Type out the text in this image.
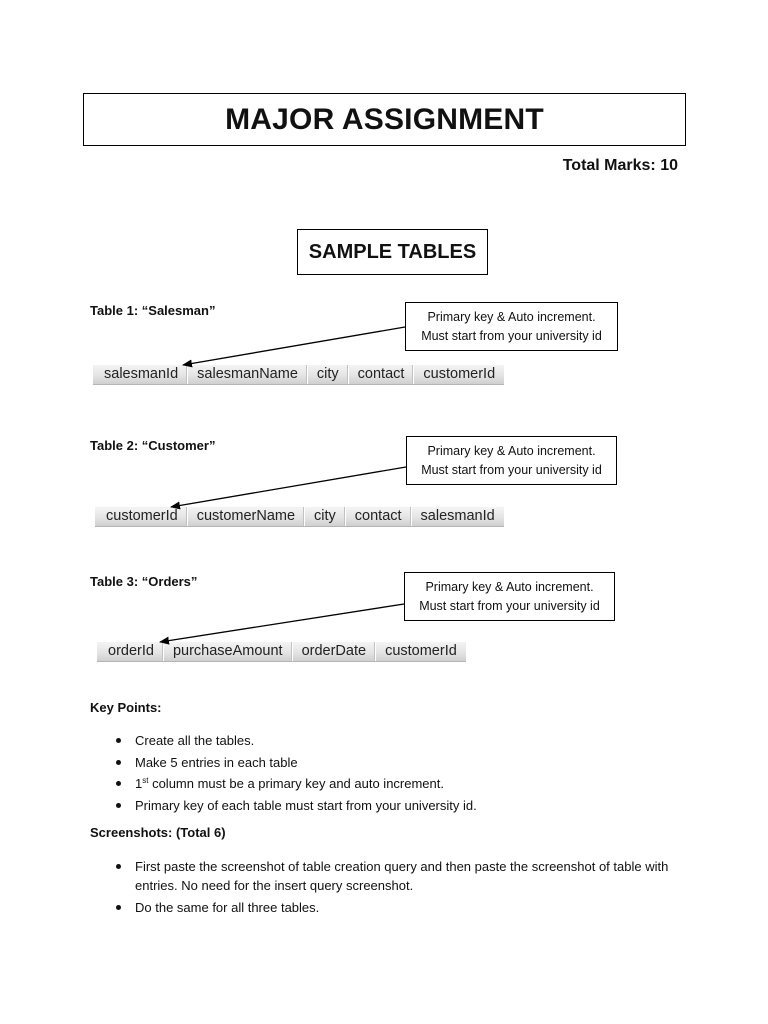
MAJOR ASSIGNMENT
Total Marks: 10
SAMPLE TABLES
Table 1: “Salesman”	Primary key & Auto increment.
Must start from your university id
salesmanId	salesmanName	city	contact	customerId
Table 2: “Customer”	Primary key & Auto increment.
Must start from your university id
customerId	customerName	city	contact	salesmanId
Table 3: “Orders”	Primary key & Auto increment.
Must start from your university id
orderId	purchaseAmount	orderDate	customerId
Key Points:
Create all the tables.
Make 5 entries in each table
1st column must be a primary key and auto increment.
Primary key of each table must start from your university id.
Screenshots: (Total 6)
First paste the screenshot of table creation query and then paste the screenshot of table with entries. No need for the insert query screenshot.
Do the same for all three tables.
